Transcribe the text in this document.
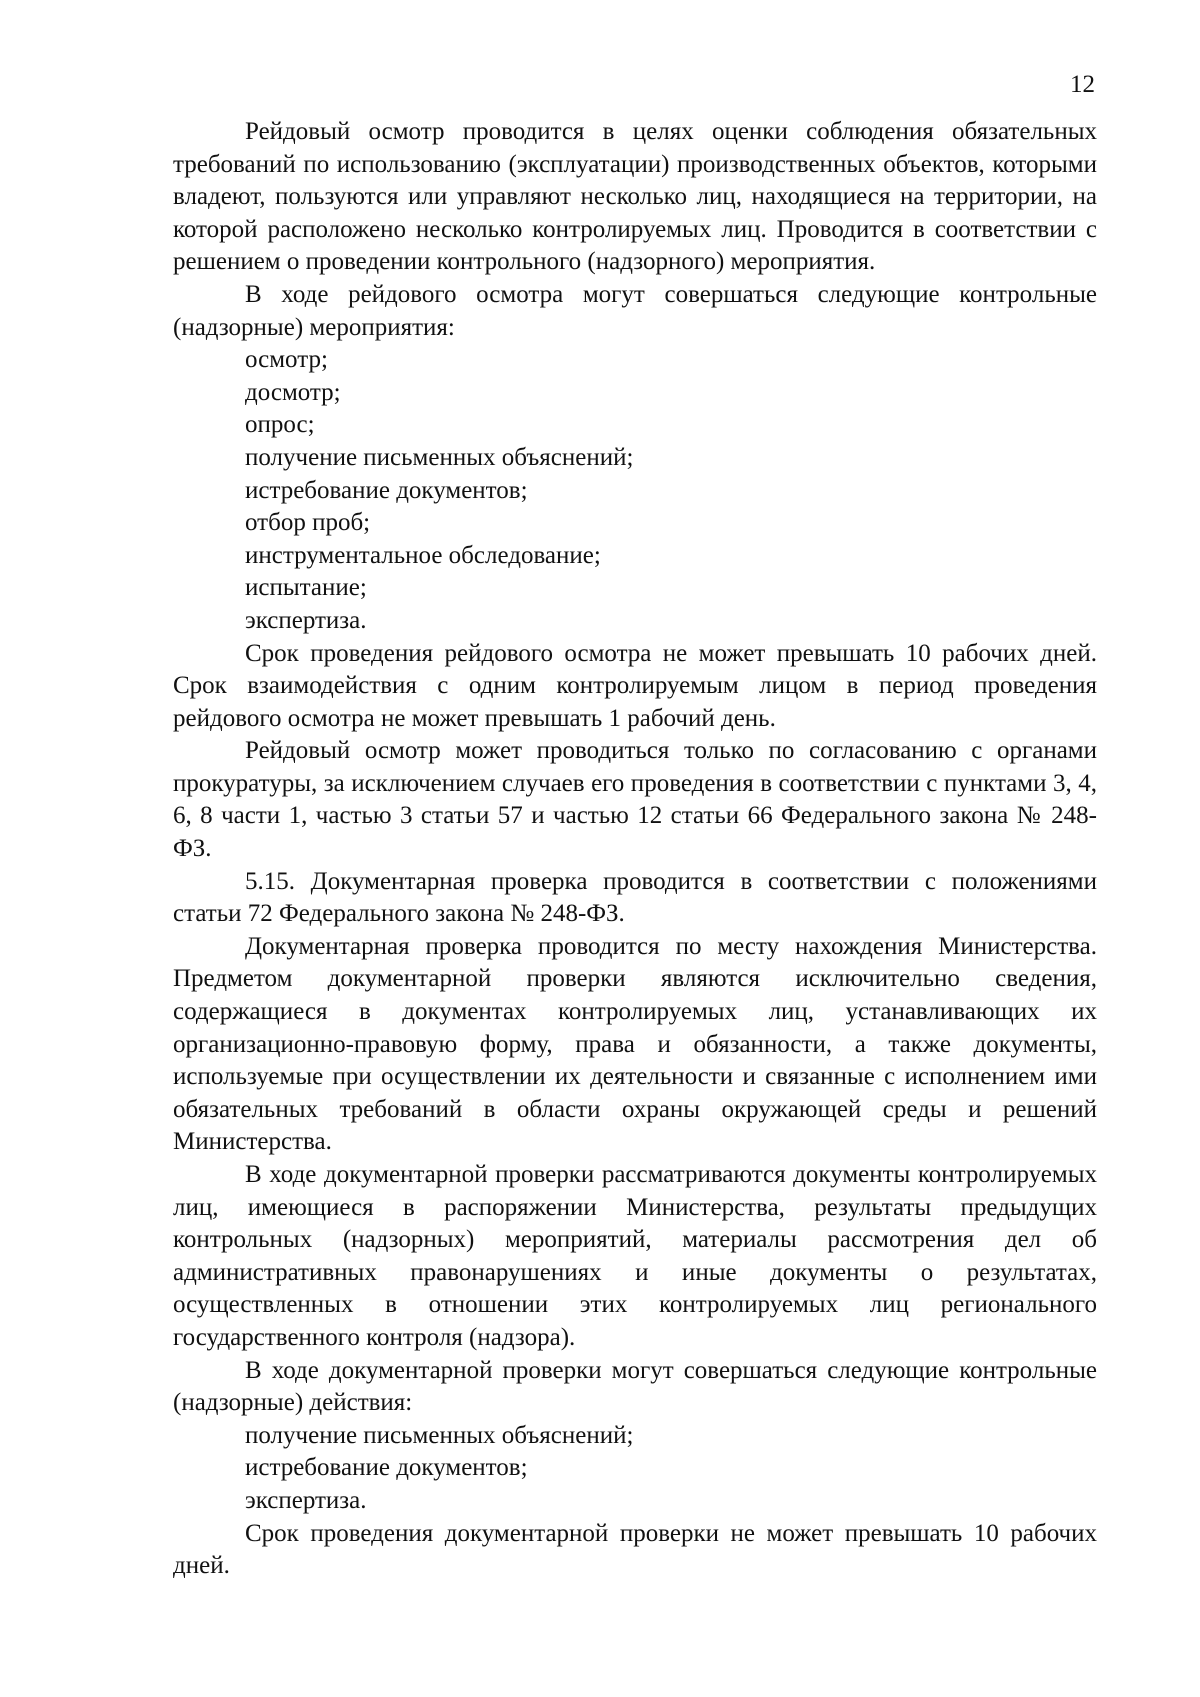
12

Рейдовый осмотр проводится в целях оценки соблюдения обязательных требований по использованию (эксплуатации) производственных объектов, которыми владеют, пользуются или управляют несколько лиц, находящиеся на территории, на которой расположено несколько контролируемых лиц. Проводится в соответствии с решением о проведении контрольного (надзорного) мероприятия.

В ходе рейдового осмотра могут совершаться следующие контрольные (надзорные) мероприятия:

осмотр;

досмотр;

опрос;

получение письменных объяснений;

истребование документов;

отбор проб;

инструментальное обследование;

испытание;

экспертиза.

Срок проведения рейдового осмотра не может превышать 10 рабочих дней. Срок взаимодействия с одним контролируемым лицом в период проведения рейдового осмотра не может превышать 1 рабочий день.

Рейдовый осмотр может проводиться только по согласованию с органами прокуратуры, за исключением случаев его проведения в соответствии с пунктами 3, 4, 6, 8 части 1, частью 3 статьи 57 и частью 12 статьи 66 Федерального закона № 248-ФЗ.

5.15. Документарная проверка проводится в соответствии с положениями статьи 72 Федерального закона № 248-ФЗ.

Документарная проверка проводится по месту нахождения Министерства. Предметом документарной проверки являются исключительно сведения, содержащиеся в документах контролируемых лиц, устанавливающих их организационно-правовую форму, права и обязанности, а также документы, используемые при осуществлении их деятельности и связанные с исполнением ими обязательных требований в области охраны окружающей среды и решений Министерства.

В ходе документарной проверки рассматриваются документы контролируемых лиц, имеющиеся в распоряжении Министерства, результаты предыдущих контрольных (надзорных) мероприятий, материалы рассмотрения дел об административных правонарушениях и иные документы о результатах, осуществленных в отношении этих контролируемых лиц регионального государственного контроля (надзора).

В ходе документарной проверки могут совершаться следующие контрольные (надзорные) действия:

получение письменных объяснений;

истребование документов;

экспертиза.

Срок проведения документарной проверки не может превышать 10 рабочих дней.
